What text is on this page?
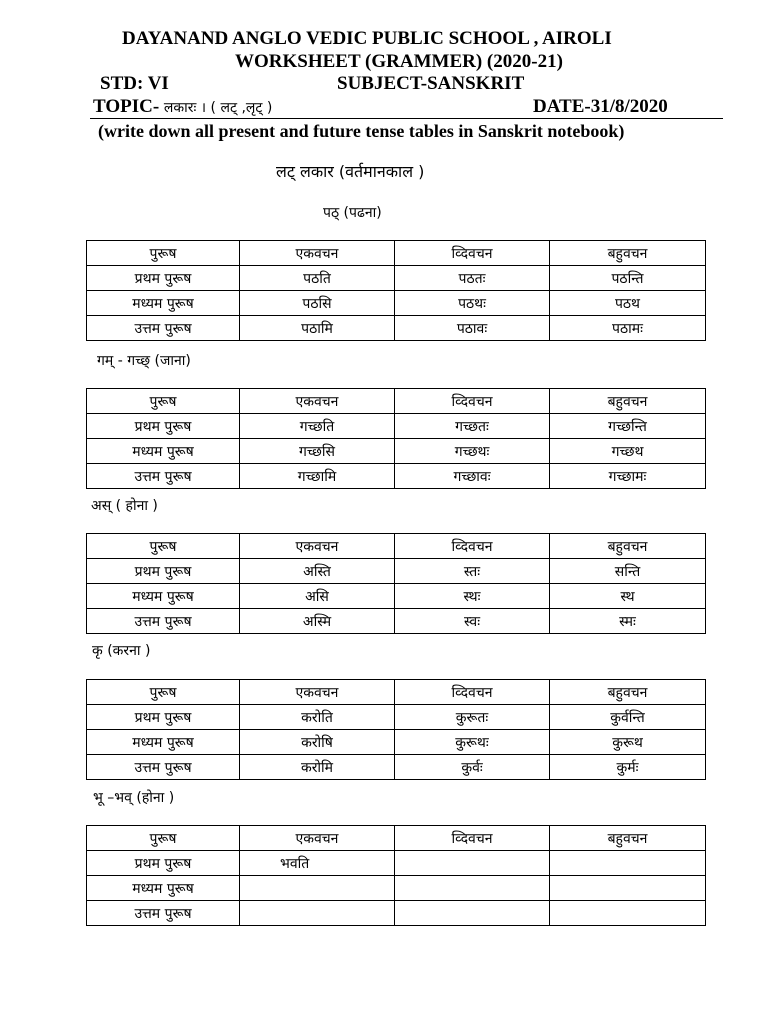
DAYANAND ANGLO VEDIC PUBLIC SCHOOL , AIROLI
WORKSHEET (GRAMMER) (2020-21)
STD: VI	SUBJECT-SANSKRIT
TOPIC- लकारः । ( लट् ,लृट् )	DATE-31/8/2020
(write down all present and future tense tables in Sanskrit notebook)
लट् लकार (वर्तमानकाल )
पठ् (पढना)
पुरूष	एकवचन	व्दिवचन	बहुवचन
प्रथम पुरूष	पठति	पठतः	पठन्ति
मध्यम पुरूष	पठसि	पठथः	पठथ
उत्तम पुरूष	पठामि	पठावः	पठामः
गम् - गच्छ् (जाना)
पुरूष	एकवचन	व्दिवचन	बहुवचन
प्रथम पुरूष	गच्छति	गच्छतः	गच्छन्ति
मध्यम पुरूष	गच्छसि	गच्छथः	गच्छथ
उत्तम पुरूष	गच्छामि	गच्छावः	गच्छामः
अस् ( होना )
पुरूष	एकवचन	व्दिवचन	बहुवचन
प्रथम पुरूष	अस्ति	स्तः	सन्ति
मध्यम पुरूष	असि	स्थः	स्थ
उत्तम पुरूष	अस्मि	स्वः	स्मः
कृ (करना )
पुरूष	एकवचन	व्दिवचन	बहुवचन
प्रथम पुरूष	करोति	कुरूतः	कुर्वन्ति
मध्यम पुरूष	करोषि	कुरूथः	कुरूथ
उत्तम पुरूष	करोमि	कुर्वः	कुर्मः
भू –भव् (होना )
पुरूष	एकवचन	व्दिवचन	बहुवचन
प्रथम पुरूष	भवति		
मध्यम पुरूष			
उत्तम पुरूष			
